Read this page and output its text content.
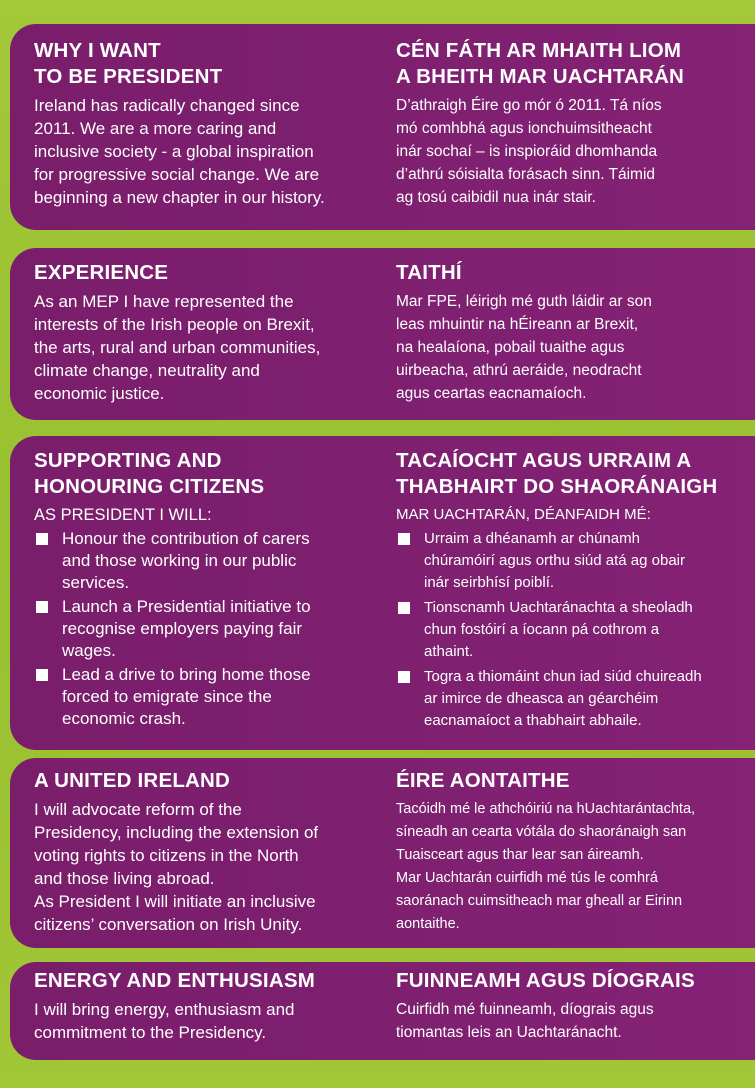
WHY I WANT
TO BE PRESIDENT

Ireland has radically changed since
2011. We are a more caring and
inclusive society - a global inspiration
for progressive social change. We are
beginning a new chapter in our history.

CÉN FÁTH AR MHAITH LIOM
A BHEITH MAR UACHTARÁN

D’athraigh Éire go mór ó 2011. Tá níos
mó comhbhá agus ionchuimsitheacht
inár sochaí – is inspioráid dhomhanda
d’athrú sóisialta forásach sinn. Táimid
ag tosú caibidil nua inár stair.

EXPERIENCE

As an MEP I have represented the
interests of the Irish people on Brexit,
the arts, rural and urban communities,
climate change, neutrality and
economic justice.

TAITHÍ

Mar FPE, léirigh mé guth láidir ar son
leas mhuintir na hÉireann ar Brexit,
na healaíona, pobail tuaithe agus
uirbeacha, athrú aeráide, neodracht
agus ceartas eacnamaíoch.

SUPPORTING AND
HONOURING CITIZENS

AS PRESIDENT I WILL:

Honour the contribution of carers
and those working in our public
services.
Launch a Presidential initiative to
recognise employers paying fair
wages.
Lead a drive to bring home those
forced to emigrate since the
economic crash.
TACAÍOCHT AGUS URRAIM A
THABHAIRT DO SHAORÁNAIGH

MAR UACHTARÁN, DÉANFAIDH MÉ:

Urraim a dhéanamh ar chúnamh
chúramóirí agus orthu siúd atá ag obair
inár seirbhísí poiblí.
Tionscnamh Uachtaránachta a sheoladh
chun fostóirí a íocann pá cothrom a
athaint.
Togra a thiomáint chun iad siúd chuireadh
ar imirce de dheasca an géarchéim
eacnamaíoct a thabhairt abhaile.
A UNITED IRELAND

I will advocate reform of the
Presidency, including the extension of
voting rights to citizens in the North
and those living abroad.
As President I will initiate an inclusive
citizens’ conversation on Irish Unity.

ÉIRE AONTAITHE

Tacóidh mé le athchóiriú na hUachtarántachta,
síneadh an cearta vótála do shaoránaigh san
Tuaisceart agus thar lear san áireamh.
Mar Uachtarán cuirfidh mé tús le comhrá
saoránach cuimsitheach mar gheall ar Eirinn
aontaithe.

ENERGY AND ENTHUSIASM

I will bring energy, enthusiasm and
commitment to the Presidency.

FUINNEAMH AGUS DÍOGRAIS

Cuirfidh mé fuinneamh, díograis agus
tiomantas leis an Uachtaránacht.
